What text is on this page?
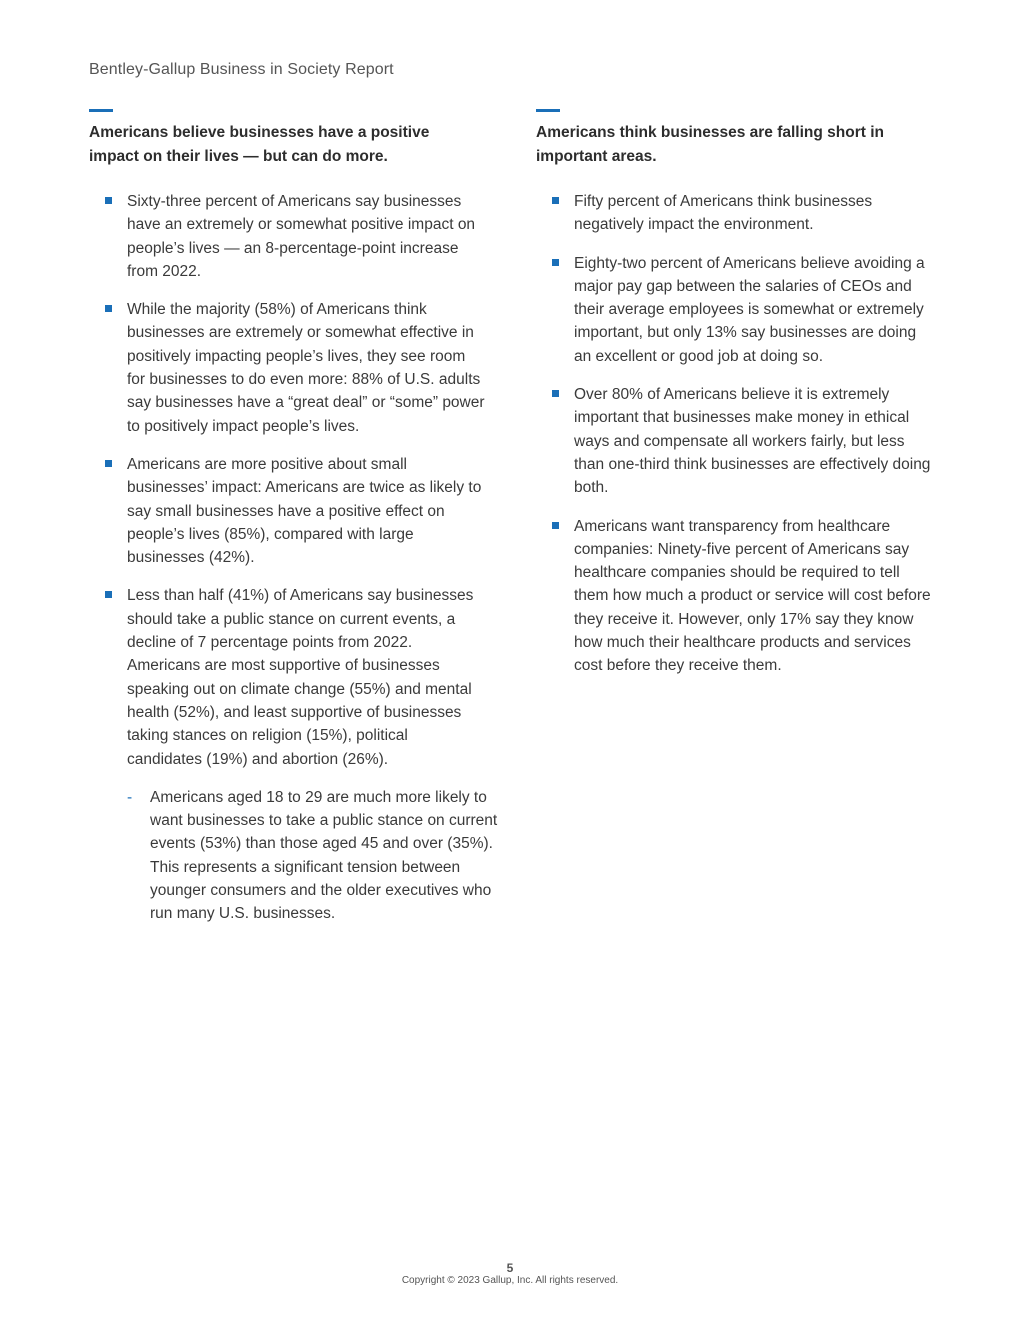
Bentley-Gallup Business in Society Report
Americans believe businesses have a positive impact on their lives — but can do more.
Sixty-three percent of Americans say businesses have an extremely or somewhat positive impact on people’s lives — an 8-percentage-point increase from 2022.
While the majority (58%) of Americans think businesses are extremely or somewhat effective in positively impacting people’s lives, they see room for businesses to do even more: 88% of U.S. adults say businesses have a “great deal” or “some” power to positively impact people’s lives.
Americans are more positive about small businesses’ impact: Americans are twice as likely to say small businesses have a positive effect on people’s lives (85%), compared with large businesses (42%).
Less than half (41%) of Americans say businesses should take a public stance on current events, a decline of 7 percentage points from 2022. Americans are most supportive of businesses speaking out on climate change (55%) and mental health (52%), and least supportive of businesses taking stances on religion (15%), political candidates (19%) and abortion (26%).
- Americans aged 18 to 29 are much more likely to want businesses to take a public stance on current events (53%) than those aged 45 and over (35%). This represents a significant tension between younger consumers and the older executives who run many U.S. businesses.
Americans think businesses are falling short in important areas.
Fifty percent of Americans think businesses negatively impact the environment.
Eighty-two percent of Americans believe avoiding a major pay gap between the salaries of CEOs and their average employees is somewhat or extremely important, but only 13% say businesses are doing an excellent or good job at doing so.
Over 80% of Americans believe it is extremely important that businesses make money in ethical ways and compensate all workers fairly, but less than one-third think businesses are effectively doing both.
Americans want transparency from healthcare companies: Ninety-five percent of Americans say healthcare companies should be required to tell them how much a product or service will cost before they receive it. However, only 17% say they know how much their healthcare products and services cost before they receive them.
5
Copyright © 2023 Gallup, Inc. All rights reserved.
